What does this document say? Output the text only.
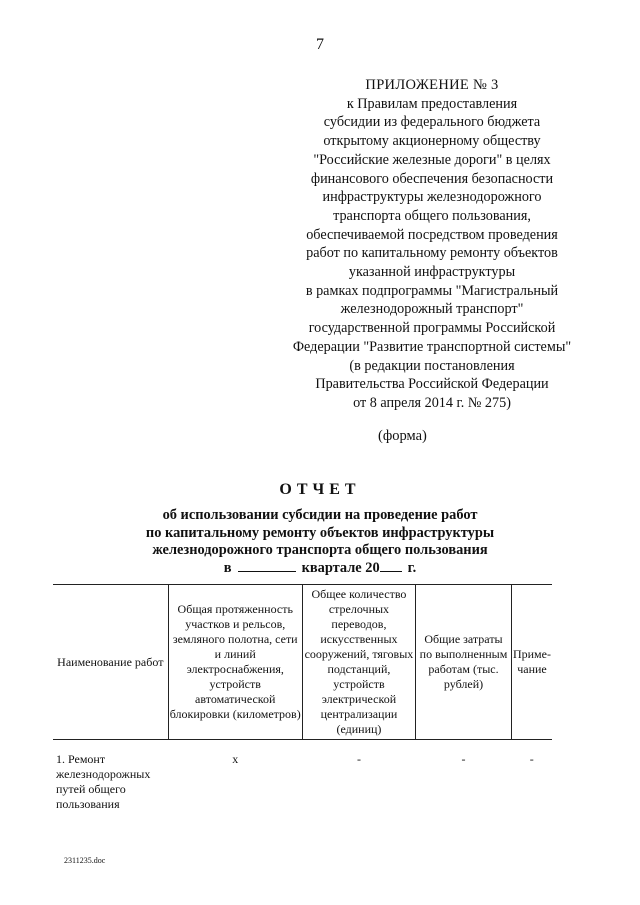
7
ПРИЛОЖЕНИЕ № 3
к Правилам предоставления
субсидии из федерального бюджета
открытому акционерному обществу
"Российские железные дороги" в целях
финансового обеспечения безопасности
инфраструктуры железнодорожного
транспорта общего пользования,
обеспечиваемой посредством проведения
работ по капитальному ремонту объектов
указанной инфраструктуры
в рамках подпрограммы "Магистральный
железнодорожный транспорт"
государственной программы Российской
Федерации "Развитие транспортной системы"
(в редакции постановления
Правительства Российской Федерации
от 8 апреля 2014 г. № 275)
(форма)
ОТЧЕТ
об использовании субсидии на проведение работ
по капитальному ремонту объектов инфраструктуры
железнодорожного транспорта общего пользования
в	квартале 20 г.
Наименование работ	Общая протяженность участков и рельсов, земляного полотна, сети и линий электроснабжения, устройств автоматической блокировки (километров)	Общее количество стрелочных переводов, искусственных сооружений, тяговых подстанций, устройств электрической централизации (единиц)	Общие затраты по выполненным работам (тыс. рублей)	Приме-чание
1. Ремонт железнодорожных путей общего пользования	x	-	-	-
2311235.doc
